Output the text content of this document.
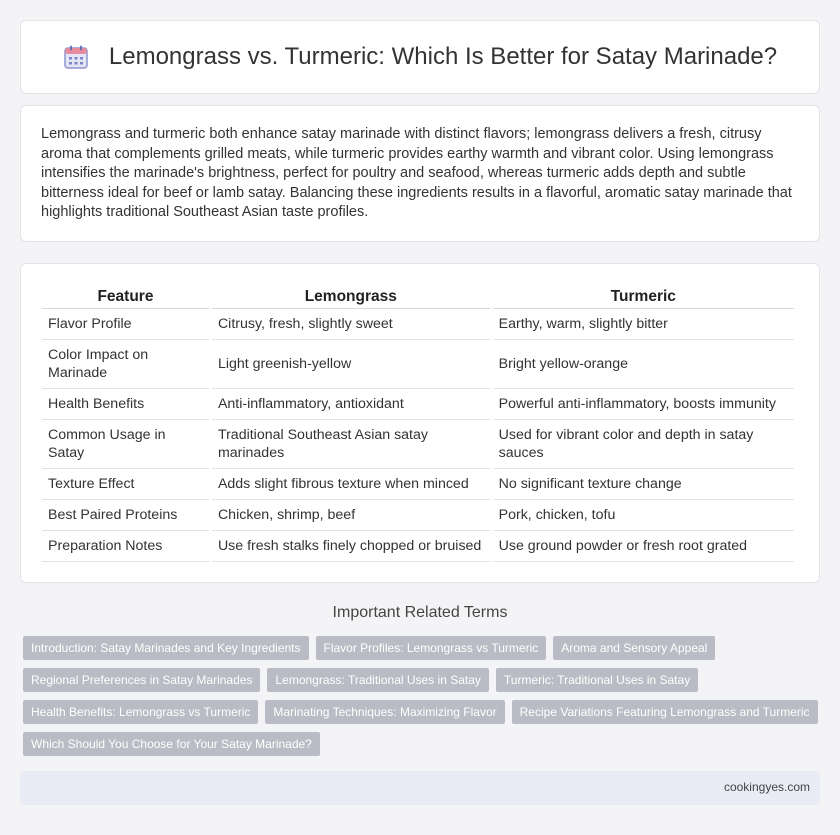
Lemongrass vs. Turmeric: Which Is Better for Satay Marinade?

Lemongrass and turmeric both enhance satay marinade with distinct flavors; lemongrass delivers a fresh, citrusy aroma that complements grilled meats, while turmeric provides earthy warmth and vibrant color. Using lemongrass intensifies the marinade's brightness, perfect for poultry and seafood, whereas turmeric adds depth and subtle bitterness ideal for beef or lamb satay. Balancing these ingredients results in a flavorful, aromatic satay marinade that highlights traditional Southeast Asian taste profiles.

Feature	Lemongrass	Turmeric
Flavor Profile	Citrusy, fresh, slightly sweet	Earthy, warm, slightly bitter
Color Impact on Marinade	Light greenish-yellow	Bright yellow-orange
Health Benefits	Anti-inflammatory, antioxidant	Powerful anti-inflammatory, boosts immunity
Common Usage in Satay	Traditional Southeast Asian satay marinades	Used for vibrant color and depth in satay sauces
Texture Effect	Adds slight fibrous texture when minced	No significant texture change
Best Paired Proteins	Chicken, shrimp, beef	Pork, chicken, tofu
Preparation Notes	Use fresh stalks finely chopped or bruised	Use ground powder or fresh root grated
Important Related Terms
Introduction: Satay Marinades and Key Ingredients	Flavor Profiles: Lemongrass vs Turmeric	Aroma and Sensory Appeal
Regional Preferences in Satay Marinades	Lemongrass: Traditional Uses in Satay	Turmeric: Traditional Uses in Satay
Health Benefits: Lemongrass vs Turmeric	Marinating Techniques: Maximizing Flavor	Recipe Variations Featuring Lemongrass and Turmeric
Which Should You Choose for Your Satay Marinade?
cookingyes.com
